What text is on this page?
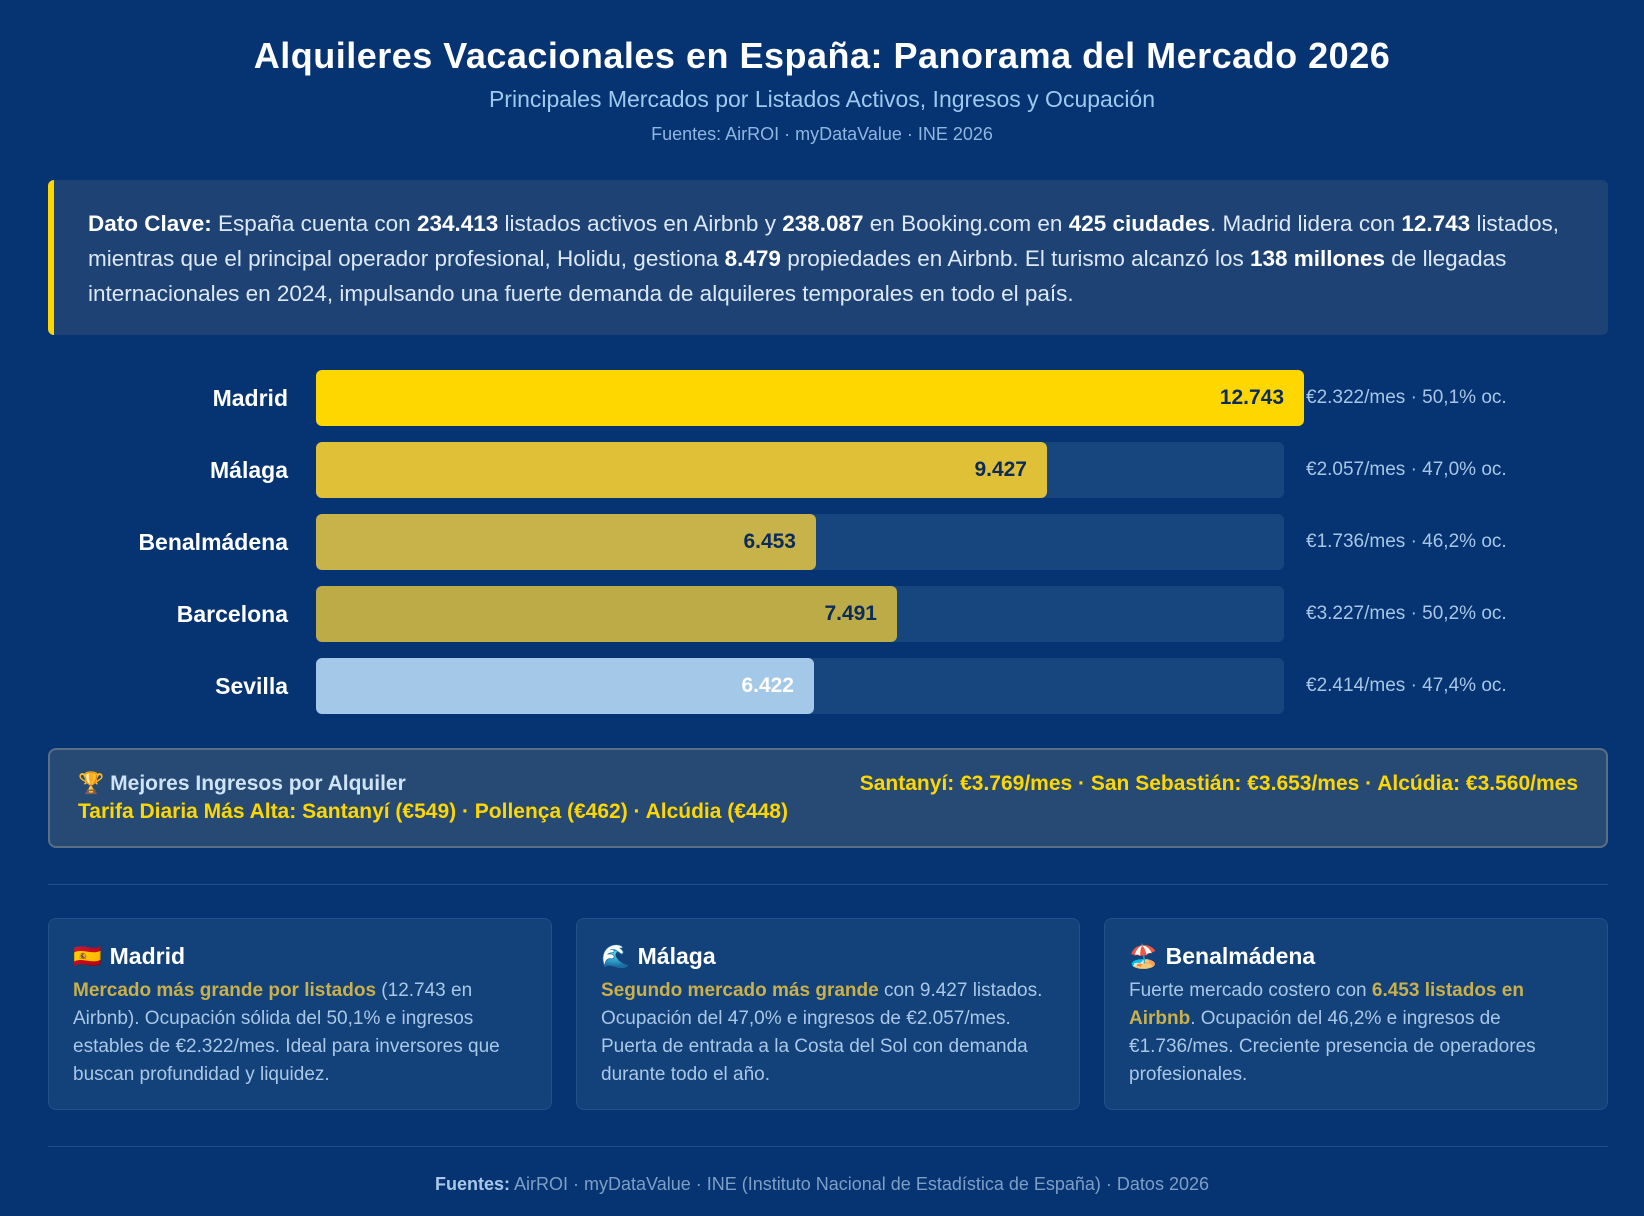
Alquileres Vacacionales en España: Panorama del Mercado 2026
Principales Mercados por Listados Activos, Ingresos y Ocupación
Fuentes: AirROI · myDataValue · INE 2026
Dato Clave: España cuenta con 234.413 listados activos en Airbnb y 238.087 en Booking.com en 425 ciudades. Madrid lidera con 12.743 listados, mientras que el principal operador profesional, Holidu, gestiona 8.479 propiedades en Airbnb. El turismo alcanzó los 138 millones de llegadas internacionales en 2024, impulsando una fuerte demanda de alquileres temporales en todo el país.
Madrid	12.743 €2.322/mes · 50,1% oc.
Málaga	9.427	€2.057/mes · 47,0% oc.
Benalmádena	6.453	€1.736/mes · 46,2% oc.
Barcelona	7.491	€3.227/mes · 50,2% oc.
Sevilla	6.422	€2.414/mes · 47,4% oc.
🏆 Mejores Ingresos por Alquiler	Santanyí: €3.769/mes · San Sebastián: €3.653/mes · Alcúdia: €3.560/mes
Tarifa Diaria Más Alta: Santanyí (€549) · Pollença (€462) · Alcúdia (€448)
🇪🇸 Madrid
Mercado más grande por listados (12.743 en Airbnb). Ocupación sólida del 50,1% e ingresos estables de €2.322/mes. Ideal para inversores que buscan profundidad y liquidez.
🌊 Málaga
Segundo mercado más grande con 9.427 listados. Ocupación del 47,0% e ingresos de €2.057/mes. Puerta de entrada a la Costa del Sol con demanda durante todo el año.
🏖️ Benalmádena
Fuerte mercado costero con 6.453 listados en Airbnb. Ocupación del 46,2% e ingresos de €1.736/mes. Creciente presencia de operadores profesionales.
Fuentes: AirROI · myDataValue · INE (Instituto Nacional de Estadística de España) · Datos 2026
